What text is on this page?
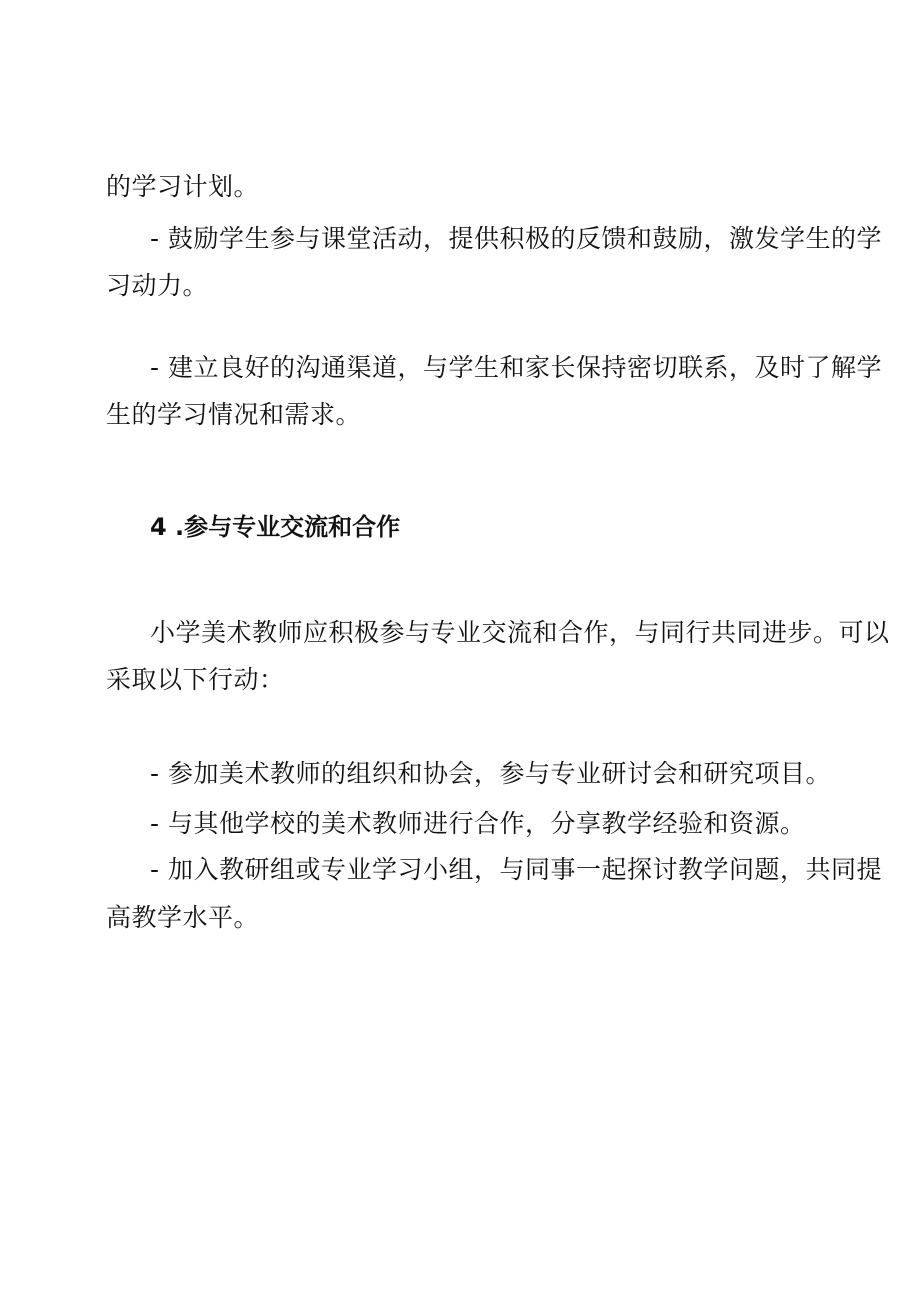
的学习计划。
- 鼓励学生参与课堂活动，提供积极的反馈和鼓励，激发学生的学
习动力。
- 建立良好的沟通渠道，与学生和家长保持密切联系，及时了解学
生的学习情况和需求。
4 .参与专业交流和合作
小学美术教师应积极参与专业交流和合作，与同行共同进步。可以
采取以下行动：
- 参加美术教师的组织和协会，参与专业研讨会和研究项目。
- 与其他学校的美术教师进行合作，分享教学经验和资源。
- 加入教研组或专业学习小组，与同事一起探讨教学问题，共同提
高教学水平。
